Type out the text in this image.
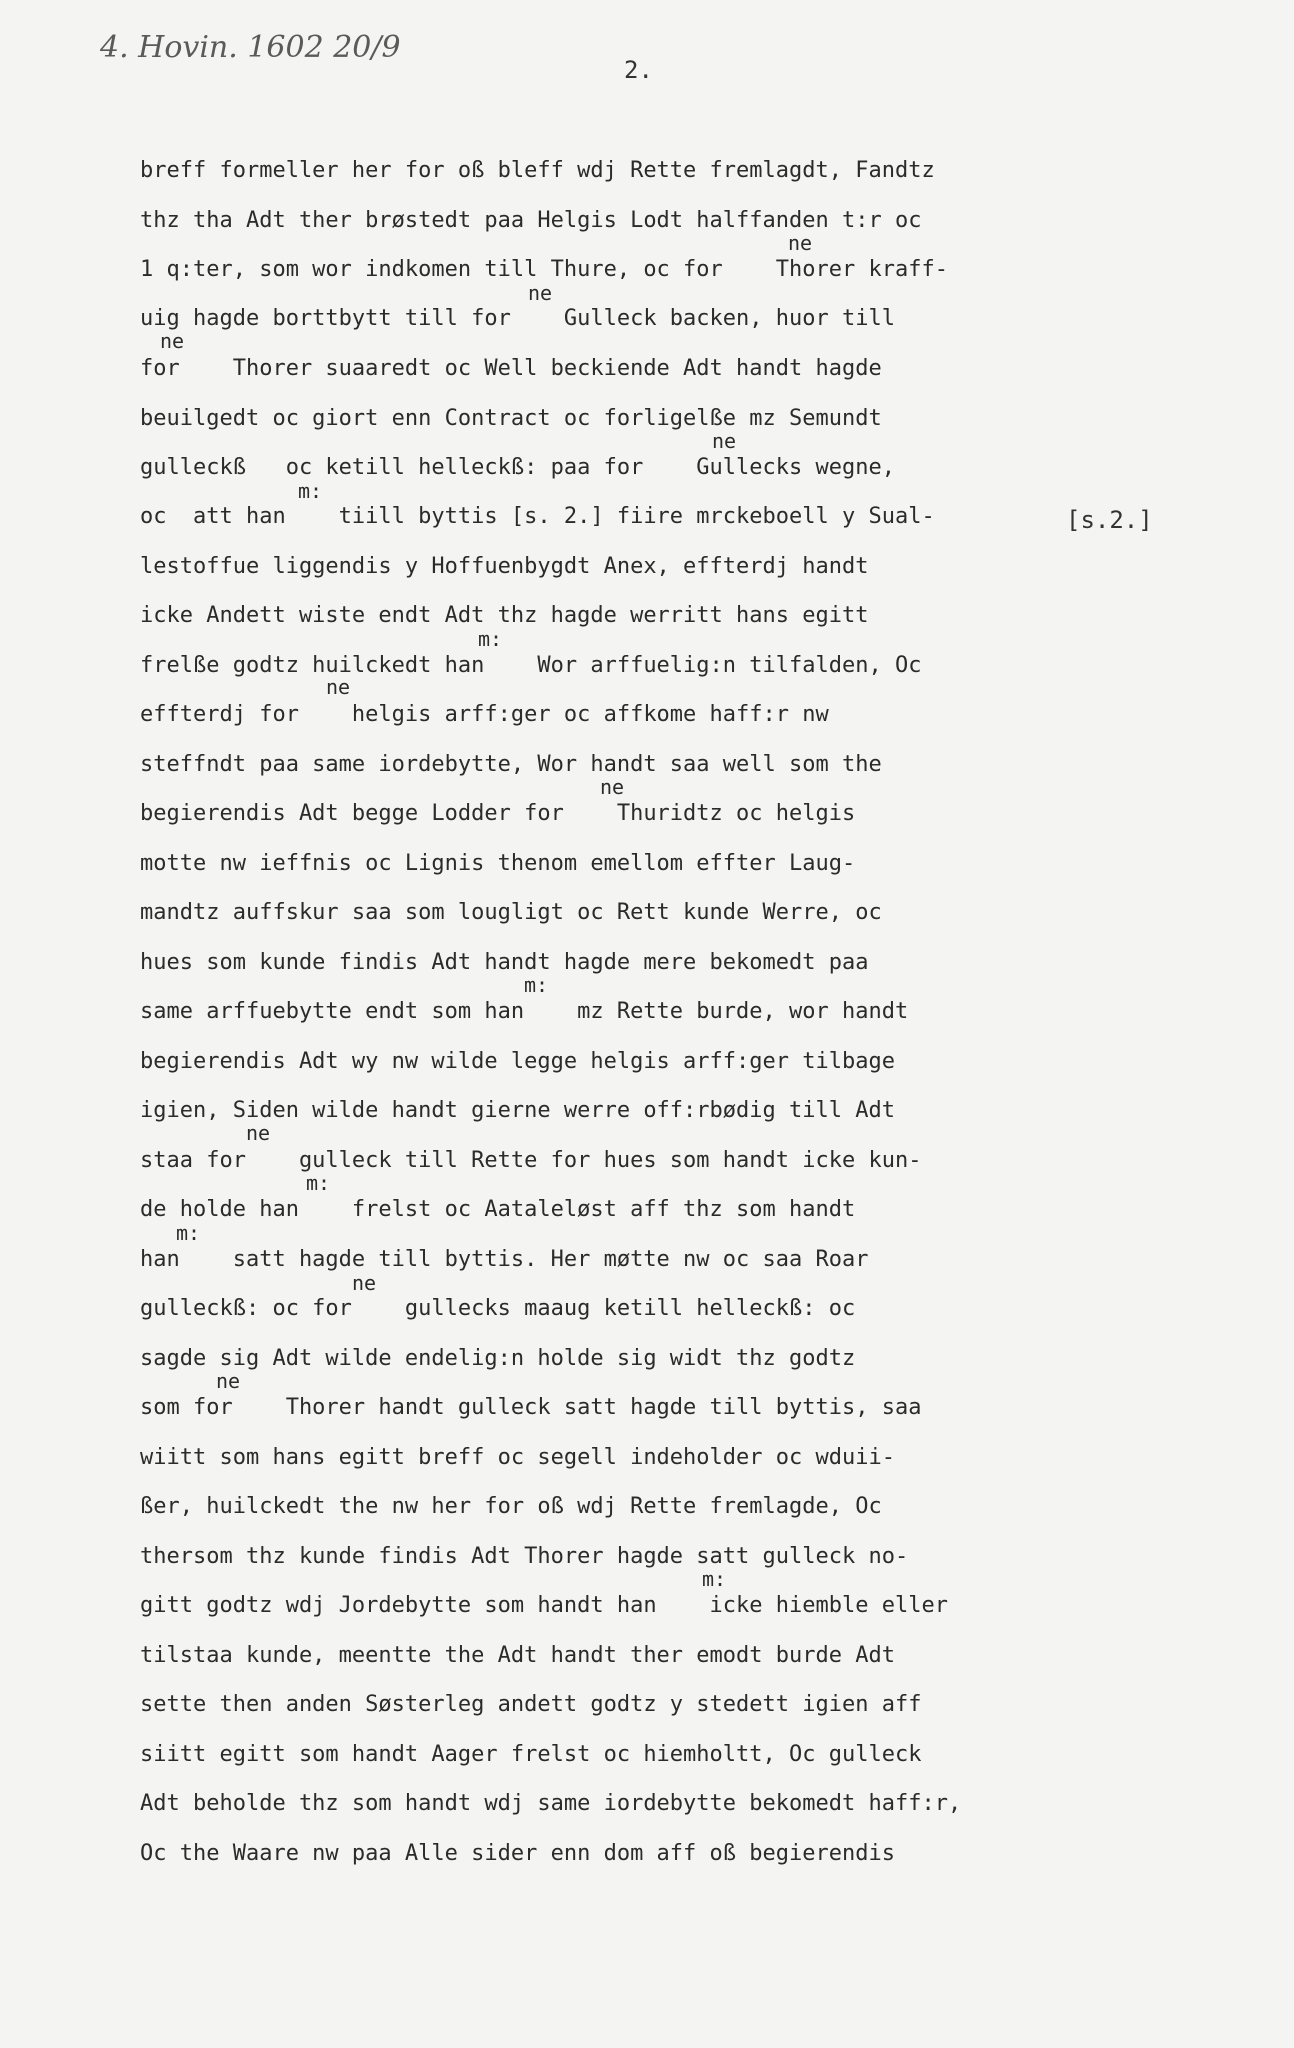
4. Hovin. 1602 20/9
2.
[s.2.]
breff formeller her for oß bleff wdj Rette fremlagdt, Fandtz
thz tha Adt ther brøstedt paa Helgis Lodt halffanden t:r oc
1 q:ter, som wor indkomen till Thure, oc for    Thorer kraff-
uig hagde borttbytt till for    Gulleck backen, huor till
for    Thorer suaaredt oc Well beckiende Adt handt hagde
beuilgedt oc giort enn Contract oc forligelße mz Semundt
gulleckß   oc ketill helleckß: paa for    Gullecks wegne,
oc  att han    tiill byttis [s. 2.] fiire mrckeboell y Sual-
lestoffue liggendis y Hoffuenbygdt Anex, effterdj handt
icke Andett wiste endt Adt thz hagde werritt hans egitt
frelße godtz huilckedt han    Wor arffuelig:n tilfalden, Oc
effterdj for    helgis arff:ger oc affkome haff:r nw
steffndt paa same iordebytte, Wor handt saa well som the
begierendis Adt begge Lodder for    Thuridtz oc helgis
motte nw ieffnis oc Lignis thenom emellom effter Laug-
mandtz auffskur saa som lougligt oc Rett kunde Werre, oc
hues som kunde findis Adt handt hagde mere bekomedt paa
same arffuebytte endt som han    mz Rette burde, wor handt
begierendis Adt wy nw wilde legge helgis arff:ger tilbage
igien, Siden wilde handt gierne werre off:rbødig till Adt
staa for    gulleck till Rette for hues som handt icke kun-
de holde han    frelst oc Aataleløst aff thz som handt
han    satt hagde till byttis. Her møtte nw oc saa Roar
gulleckß: oc for    gullecks maaug ketill helleckß: oc
sagde sig Adt wilde endelig:n holde sig widt thz godtz
som for    Thorer handt gulleck satt hagde till byttis, saa
wiitt som hans egitt breff oc segell indeholder oc wduii-
ßer, huilckedt the nw her for oß wdj Rette fremlagde, Oc
thersom thz kunde findis Adt Thorer hagde satt gulleck no-
gitt godtz wdj Jordebytte som handt han    icke hiemble eller
tilstaa kunde, meentte the Adt handt ther emodt burde Adt
sette then anden Søsterleg andett godtz y stedett igien aff
siitt egitt som handt Aager frelst oc hiemholtt, Oc gulleck
Adt beholde thz som handt wdj same iordebytte bekomedt haff:r,
Oc the Waare nw paa Alle sider enn dom aff oß begierendis
ne
ne
ne
ne
m:
m:
ne
ne
m:
ne
m:
m:
ne
ne
m:
